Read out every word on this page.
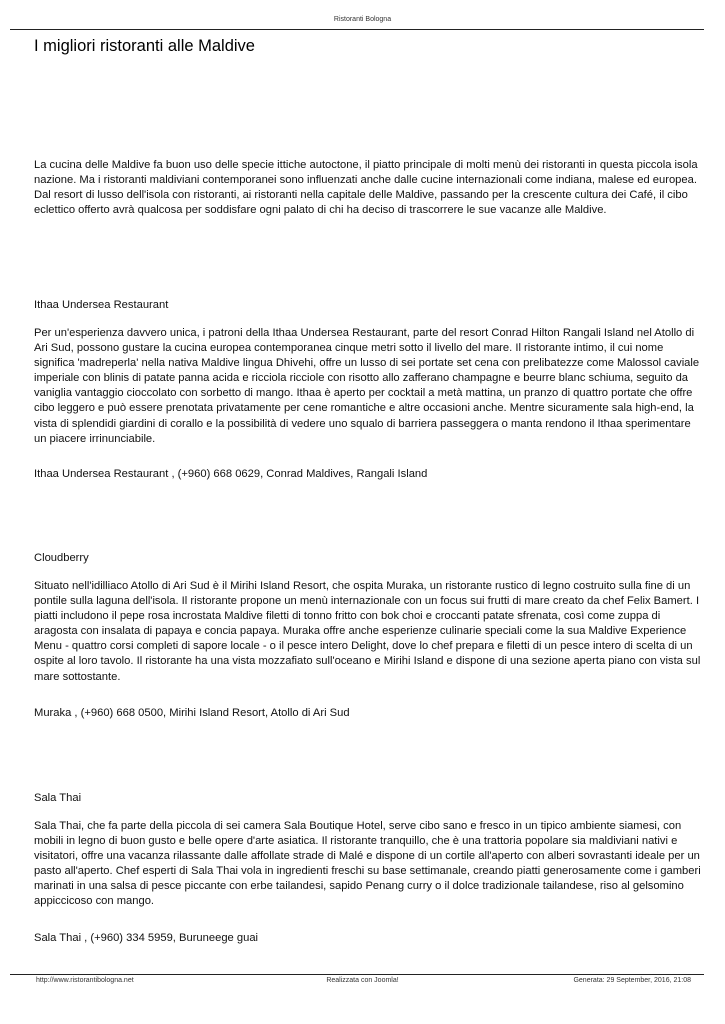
Ristoranti Bologna
I migliori ristoranti alle Maldive

La cucina delle Maldive fa buon uso delle specie ittiche autoctone, il piatto principale di molti menù dei ristoranti in questa piccola isola nazione. Ma i ristoranti maldiviani contemporanei sono influenzati anche dalle cucine internazionali come indiana, malese ed europea. Dal resort di lusso dell'isola con ristoranti, ai ristoranti nella capitale delle Maldive, passando per la crescente cultura dei Café, il cibo eclettico offerto avrà qualcosa per soddisfare ogni palato di chi ha deciso di trascorrere le sue vacanze alle Maldive.

Ithaa Undersea Restaurant

Per un'esperienza davvero unica, i patroni della Ithaa Undersea Restaurant, parte del resort Conrad Hilton Rangali Island nel Atollo di Ari Sud, possono gustare la cucina europea contemporanea cinque metri sotto il livello del mare. Il ristorante intimo, il cui nome significa 'madreperla' nella nativa Maldive lingua Dhivehi, offre un lusso di sei portate set cena con prelibatezze come Malossol caviale imperiale con blinis di patate panna acida e ricciola ricciole con risotto allo zafferano champagne e beurre blanc schiuma, seguito da vaniglia vantaggio cioccolato con sorbetto di mango. Ithaa è aperto per cocktail a metà mattina, un pranzo di quattro portate che offre cibo leggero e può essere prenotata privatamente per cene romantiche e altre occasioni anche. Mentre sicuramente sala high-end, la vista di splendidi giardini di corallo e la possibilità di vedere uno squalo di barriera passeggera o manta rendono il Ithaa sperimentare un piacere irrinunciabile.

Ithaa Undersea Restaurant , (+960) 668 0629, Conrad Maldives, Rangali Island
Cloudberry

Situato nell'idilliaco Atollo di Ari Sud è il Mirihi Island Resort, che ospita Muraka, un ristorante rustico di legno costruito sulla fine di un pontile sulla laguna dell'isola. Il ristorante propone un menù internazionale con un focus sui frutti di mare creato da chef Felix Bamert. I piatti includono il pepe rosa incrostata Maldive filetti di tonno fritto con bok choi e croccanti patate sfrenata, così come zuppa di aragosta con insalata di papaya e concia papaya. Muraka offre anche esperienze culinarie speciali come la sua Maldive Experience Menu - quattro corsi completi di sapore locale - o il pesce intero Delight, dove lo chef prepara e filetti di un pesce intero di scelta di un ospite al loro tavolo. Il ristorante ha una vista mozzafiato sull'oceano e Mirihi Island e dispone di una sezione aperta piano con vista sul mare sottostante.

Muraka , (+960) 668 0500, Mirihi Island Resort, Atollo di Ari Sud
Sala Thai

Sala Thai, che fa parte della piccola di sei camera Sala Boutique Hotel, serve cibo sano e fresco in un tipico ambiente siamesi, con mobili in legno di buon gusto e belle opere d'arte asiatica. Il ristorante tranquillo, che è una trattoria popolare sia maldiviani nativi e visitatori, offre una vacanza rilassante dalle affollate strade di Malé e dispone di un cortile all'aperto con alberi sovrastanti ideale per un pasto all'aperto. Chef esperti di Sala Thai vola in ingredienti freschi su base settimanale, creando piatti generosamente come i gamberi marinati in una salsa di pesce piccante con erbe tailandesi, sapido Penang curry o il dolce tradizionale tailandese, riso al gelsomino appiccicoso con mango.

Sala Thai , (+960) 334 5959, Buruneege guai
http://www.ristorantibologna.net	Realizzata con Joomla!	Generata: 29 September, 2016, 21:08
